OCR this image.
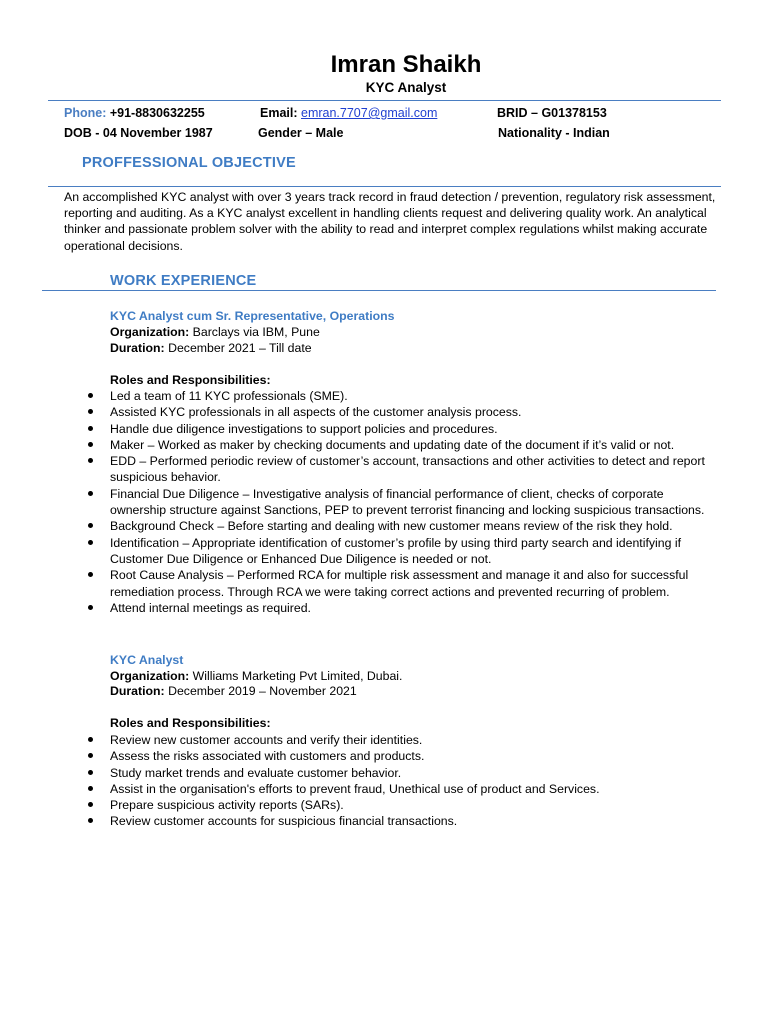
Imran Shaikh
KYC Analyst
Phone: +91-8830632255	Email: emran.7707@gmail.com	BRID – G01378153
DOB - 04 November 1987	Gender – Male	Nationality - Indian
PROFFESSIONAL OBJECTIVE
An accomplished KYC analyst with over 3 years track record in fraud detection / prevention, regulatory risk assessment, reporting and auditing. As a KYC analyst excellent in handling clients request and delivering quality work. An analytical thinker and passionate problem solver with the ability to read and interpret complex regulations whilst making accurate operational decisions.
WORK EXPERIENCE
KYC Analyst cum Sr. Representative, Operations
Organization: Barclays via IBM, Pune
Duration: December 2021 – Till date
Roles and Responsibilities:
Led a team of 11 KYC professionals (SME).
Assisted KYC professionals in all aspects of the customer analysis process.
Handle due diligence investigations to support policies and procedures.
Maker – Worked as maker by checking documents and updating date of the document if it’s valid or not.
EDD – Performed periodic review of customer’s account, transactions and other activities to detect and report suspicious behavior.
Financial Due Diligence – Investigative analysis of financial performance of client, checks of corporate ownership structure against Sanctions, PEP to prevent terrorist financing and locking suspicious transactions.
Background Check – Before starting and dealing with new customer means review of the risk they hold.
Identification – Appropriate identification of customer’s profile by using third party search and identifying if Customer Due Diligence or Enhanced Due Diligence is needed or not.
Root Cause Analysis – Performed RCA for multiple risk assessment and manage it and also for successful remediation process. Through RCA we were taking correct actions and prevented recurring of problem.
Attend internal meetings as required.
KYC Analyst
Organization: Williams Marketing Pvt Limited, Dubai.
Duration: December 2019 – November 2021
Roles and Responsibilities:
Review new customer accounts and verify their identities.
Assess the risks associated with customers and products.
Study market trends and evaluate customer behavior.
Assist in the organisation's efforts to prevent fraud, Unethical use of product and Services.
Prepare suspicious activity reports (SARs).
Review customer accounts for suspicious financial transactions.
